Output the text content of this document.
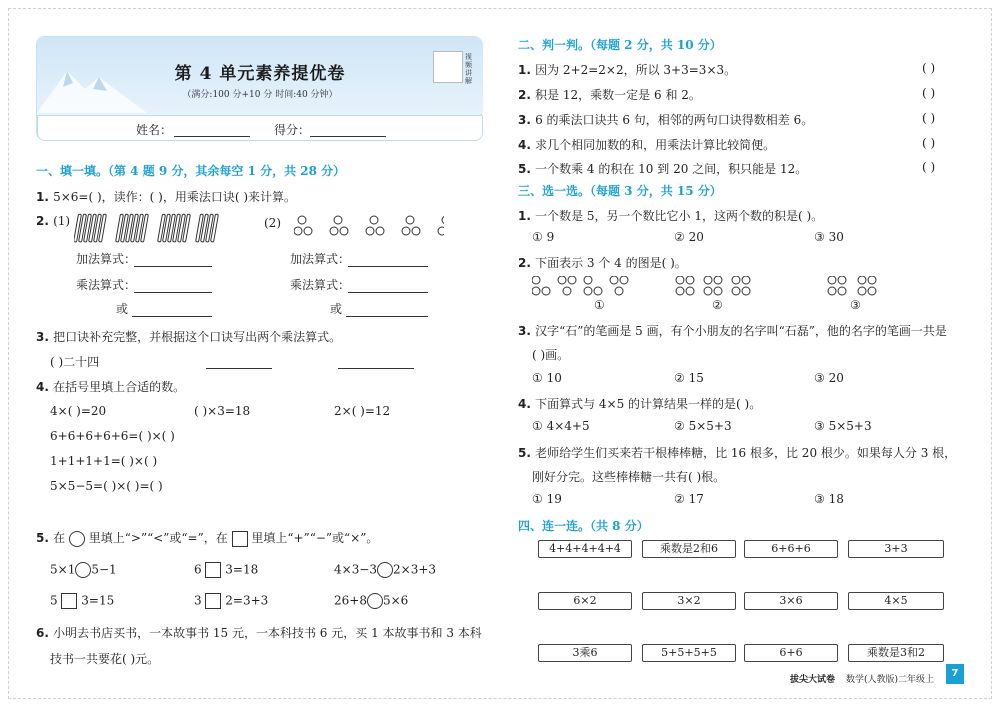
第 4 单元素养提优卷
（满分:100 分+10 分 时间:40 分钟）
视频讲解
姓名：	得分：
一、填一填。（第 4 题 9 分，其余每空 1 分，共 28 分）
1. 5×6=( )，读作：( )，用乘法口诀( )来计算。
2. (1)	(2)
加法算式：	加法算式：
乘法算式：	乘法算式：
或	或
3. 把口诀补充完整，并根据这个口诀写出两个乘法算式。
( )二十四
4. 在括号里填上合适的数。
4×( )=20	( )×3=18	2×( )=12
6+6+6+6+6=( )×( )
1+1+1+1=( )×( )
5×5−5=( )×( )=( )
5. 在 里填上“>”“<”或“=”，在 里填上“+”“−”或“×”。
5×1 5−1	6 3=18	4×3−3 2×3+3
5 3=15	3 2=3+3	26+8 5×6
6. 小明去书店买书，一本故事书 15 元，一本科技书 6 元，买 1 本故事书和 3 本科
技书一共要花( )元。
二、判一判。（每题 2 分，共 10 分）
1. 因为 2+2=2×2，所以 3+3=3×3。	( )
2. 积是 12，乘数一定是 6 和 2。	( )
3. 6 的乘法口诀共 6 句，相邻的两句口诀得数相差 6。	( )
4. 求几个相同加数的和，用乘法计算比较简便。	( )
5. 一个数乘 4 的积在 10 到 20 之间，积只能是 12。	( )
三、选一选。（每题 3 分，共 15 分）
1. 一个数是 5，另一个数比它小 1，这两个数的积是( )。
① 9	② 20	③ 30
2. 下面表示 3 个 4 的图是( )。
①	②	③
3. 汉字“石”的笔画是 5 画，有个小朋友的名字叫“石磊”，他的名字的笔画一共是
( )画。
① 10	② 15	③ 20
4. 下面算式与 4×5 的计算结果一样的是( )。
① 4×4+5	② 5×5+3	③ 5×5+3
5. 老师给学生们买来若干根棒棒糖，比 16 根多，比 20 根少。如果每人分 3 根，
刚好分完。这些棒棒糖一共有( )根。
① 19	② 17	③ 18
四、连一连。（共 8 分）
4+4+4+4+4	乘数是2和6	6+6+6	3+3
6×2	3×2	3×6	4×5
3乘6	5+5+5+5	6+6	乘数是3和2
拔尖大试卷 数学(人教版)二年级上
7
